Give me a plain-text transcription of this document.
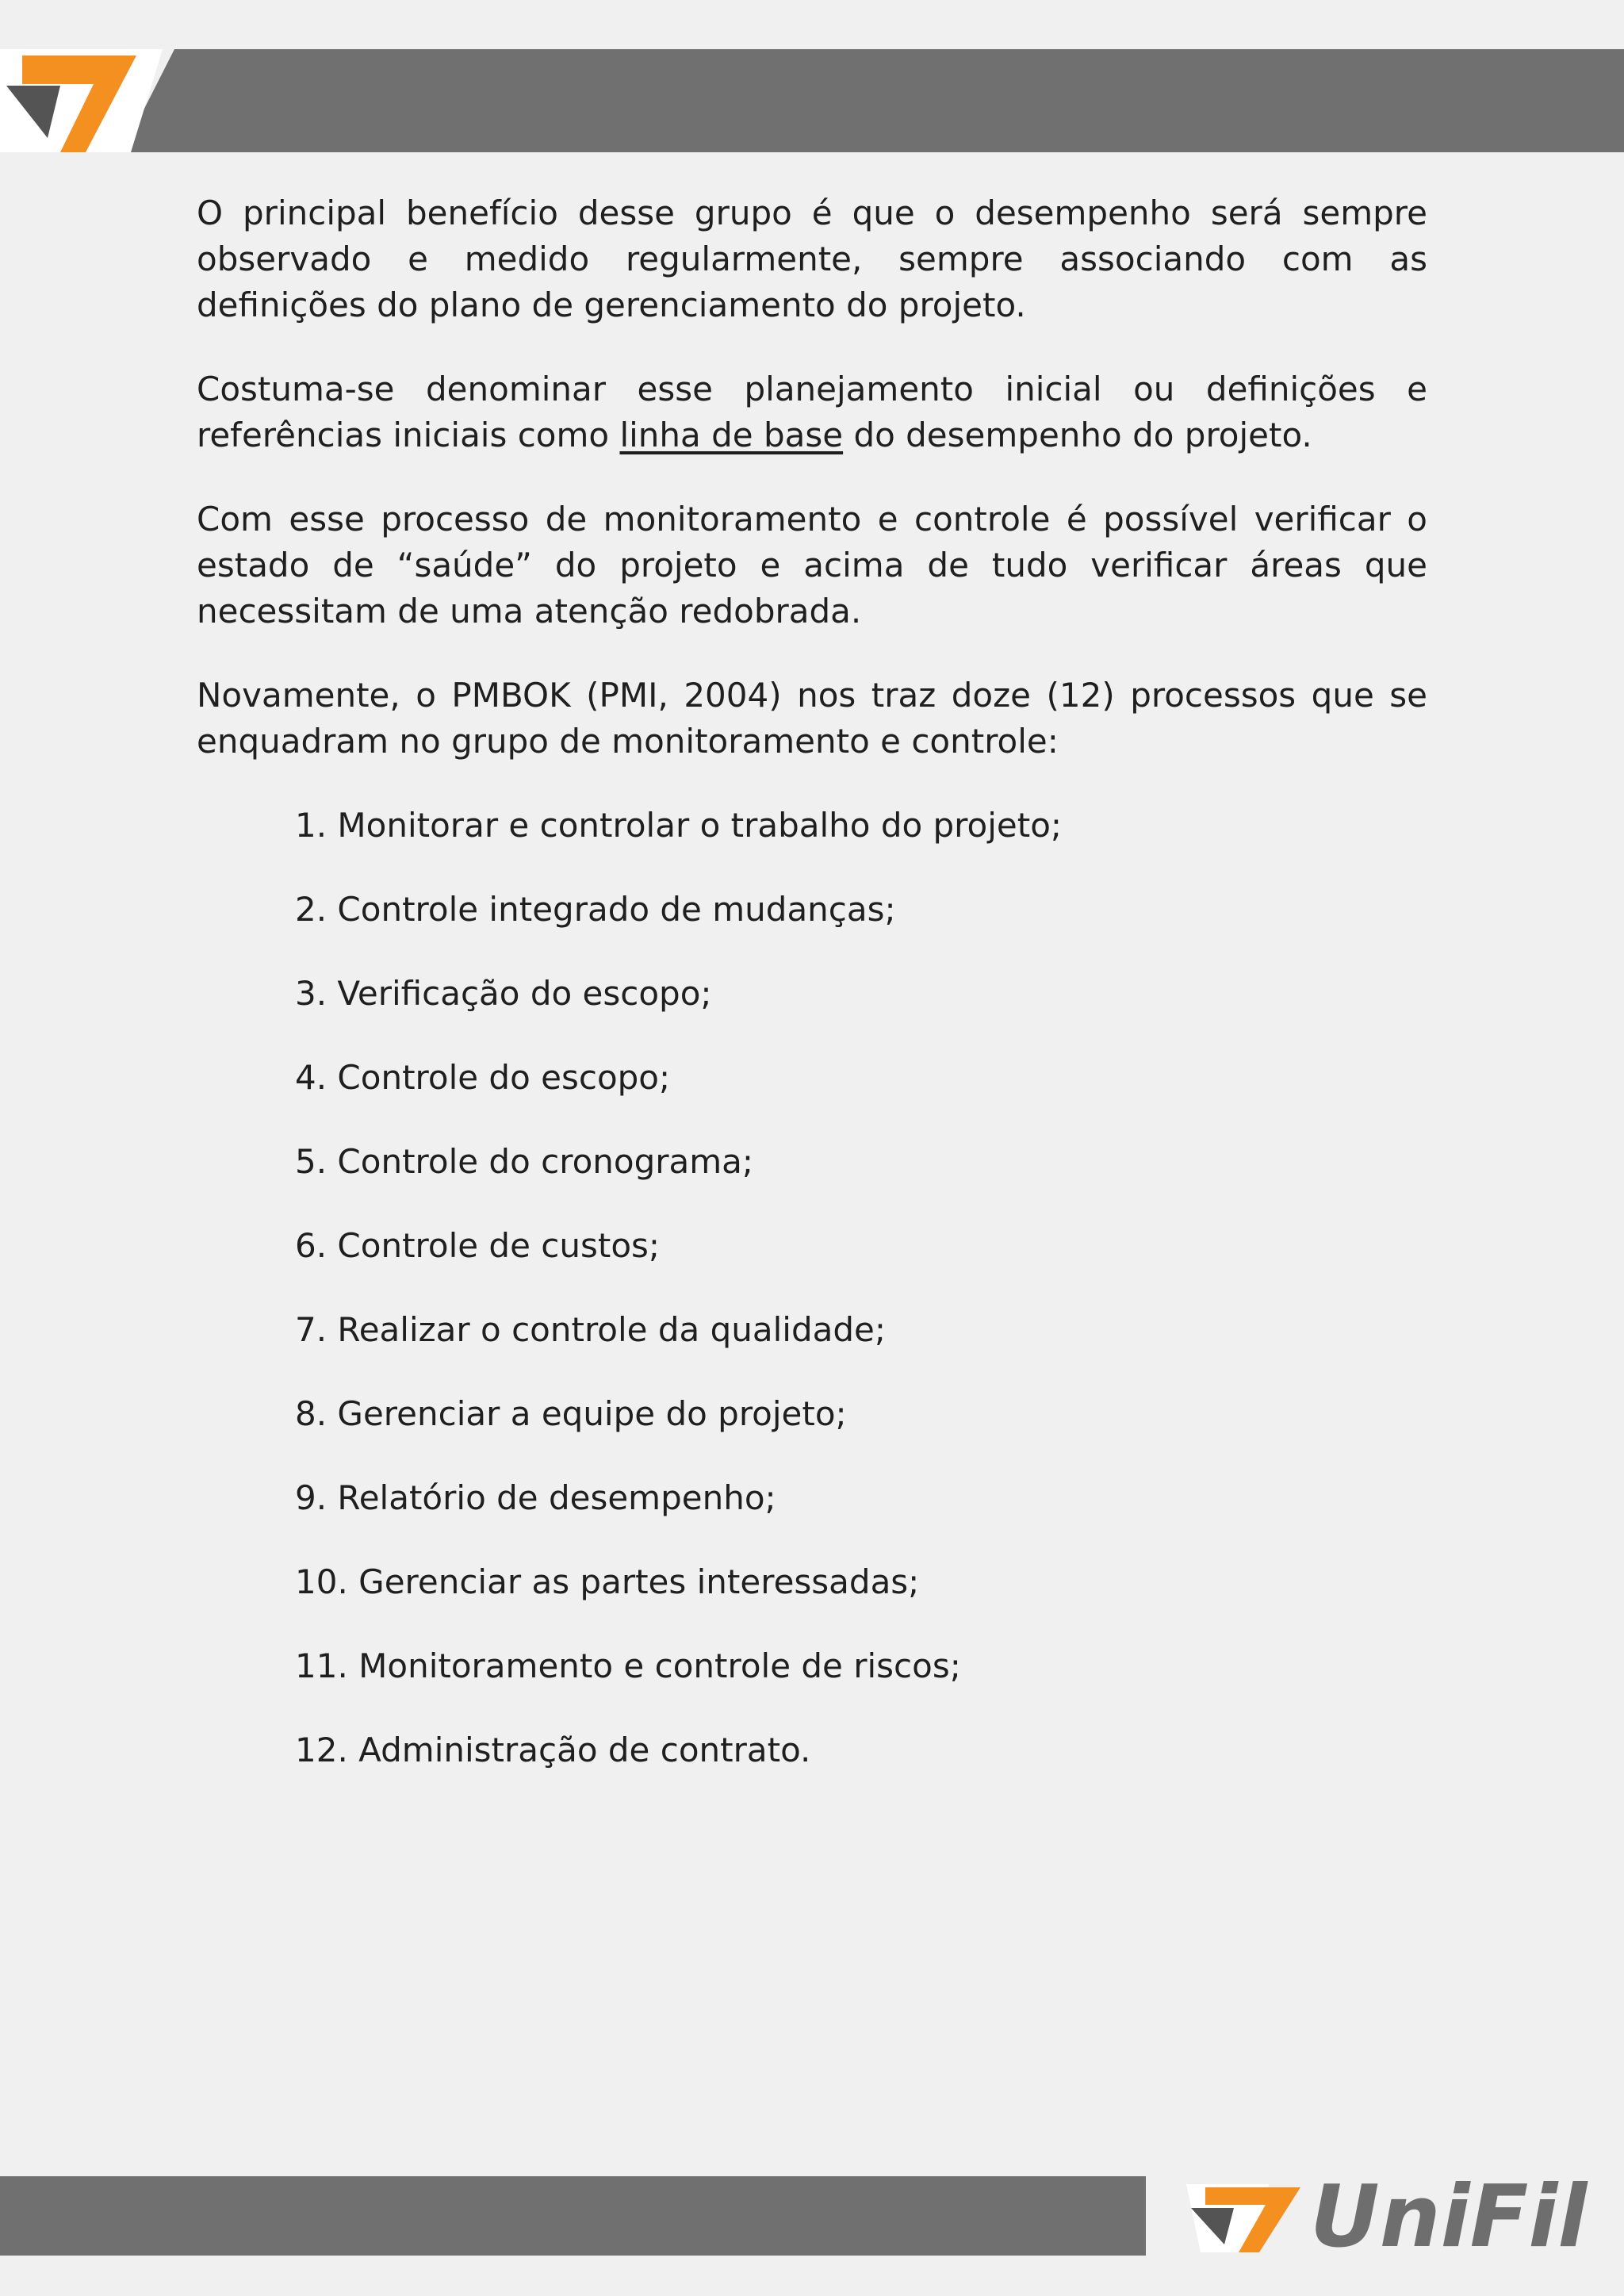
O principal benefício desse grupo é que o desempenho será sempre observado e medido regularmente, sempre associando com as definições do plano de gerenciamento do projeto.

Costuma-se denominar esse planejamento inicial ou definições e referências iniciais como linha de base do desempenho do projeto.

Com esse processo de monitoramento e controle é possível verificar o estado de “saúde” do projeto e acima de tudo verificar áreas que necessitam de uma atenção redobrada.

Novamente, o PMBOK (PMI, 2004) nos traz doze (12) processos que se enquadram no grupo de monitoramento e controle:

1. Monitorar e controlar o trabalho do projeto;
2. Controle integrado de mudanças;
3. Verificação do escopo;
4. Controle do escopo;
5. Controle do cronograma;
6. Controle de custos;
7. Realizar o controle da qualidade;
8. Gerenciar a equipe do projeto;
9. Relatório de desempenho;
10. Gerenciar as partes interessadas;
11. Monitoramento e controle de riscos;
12. Administração de contrato.
UniFil
